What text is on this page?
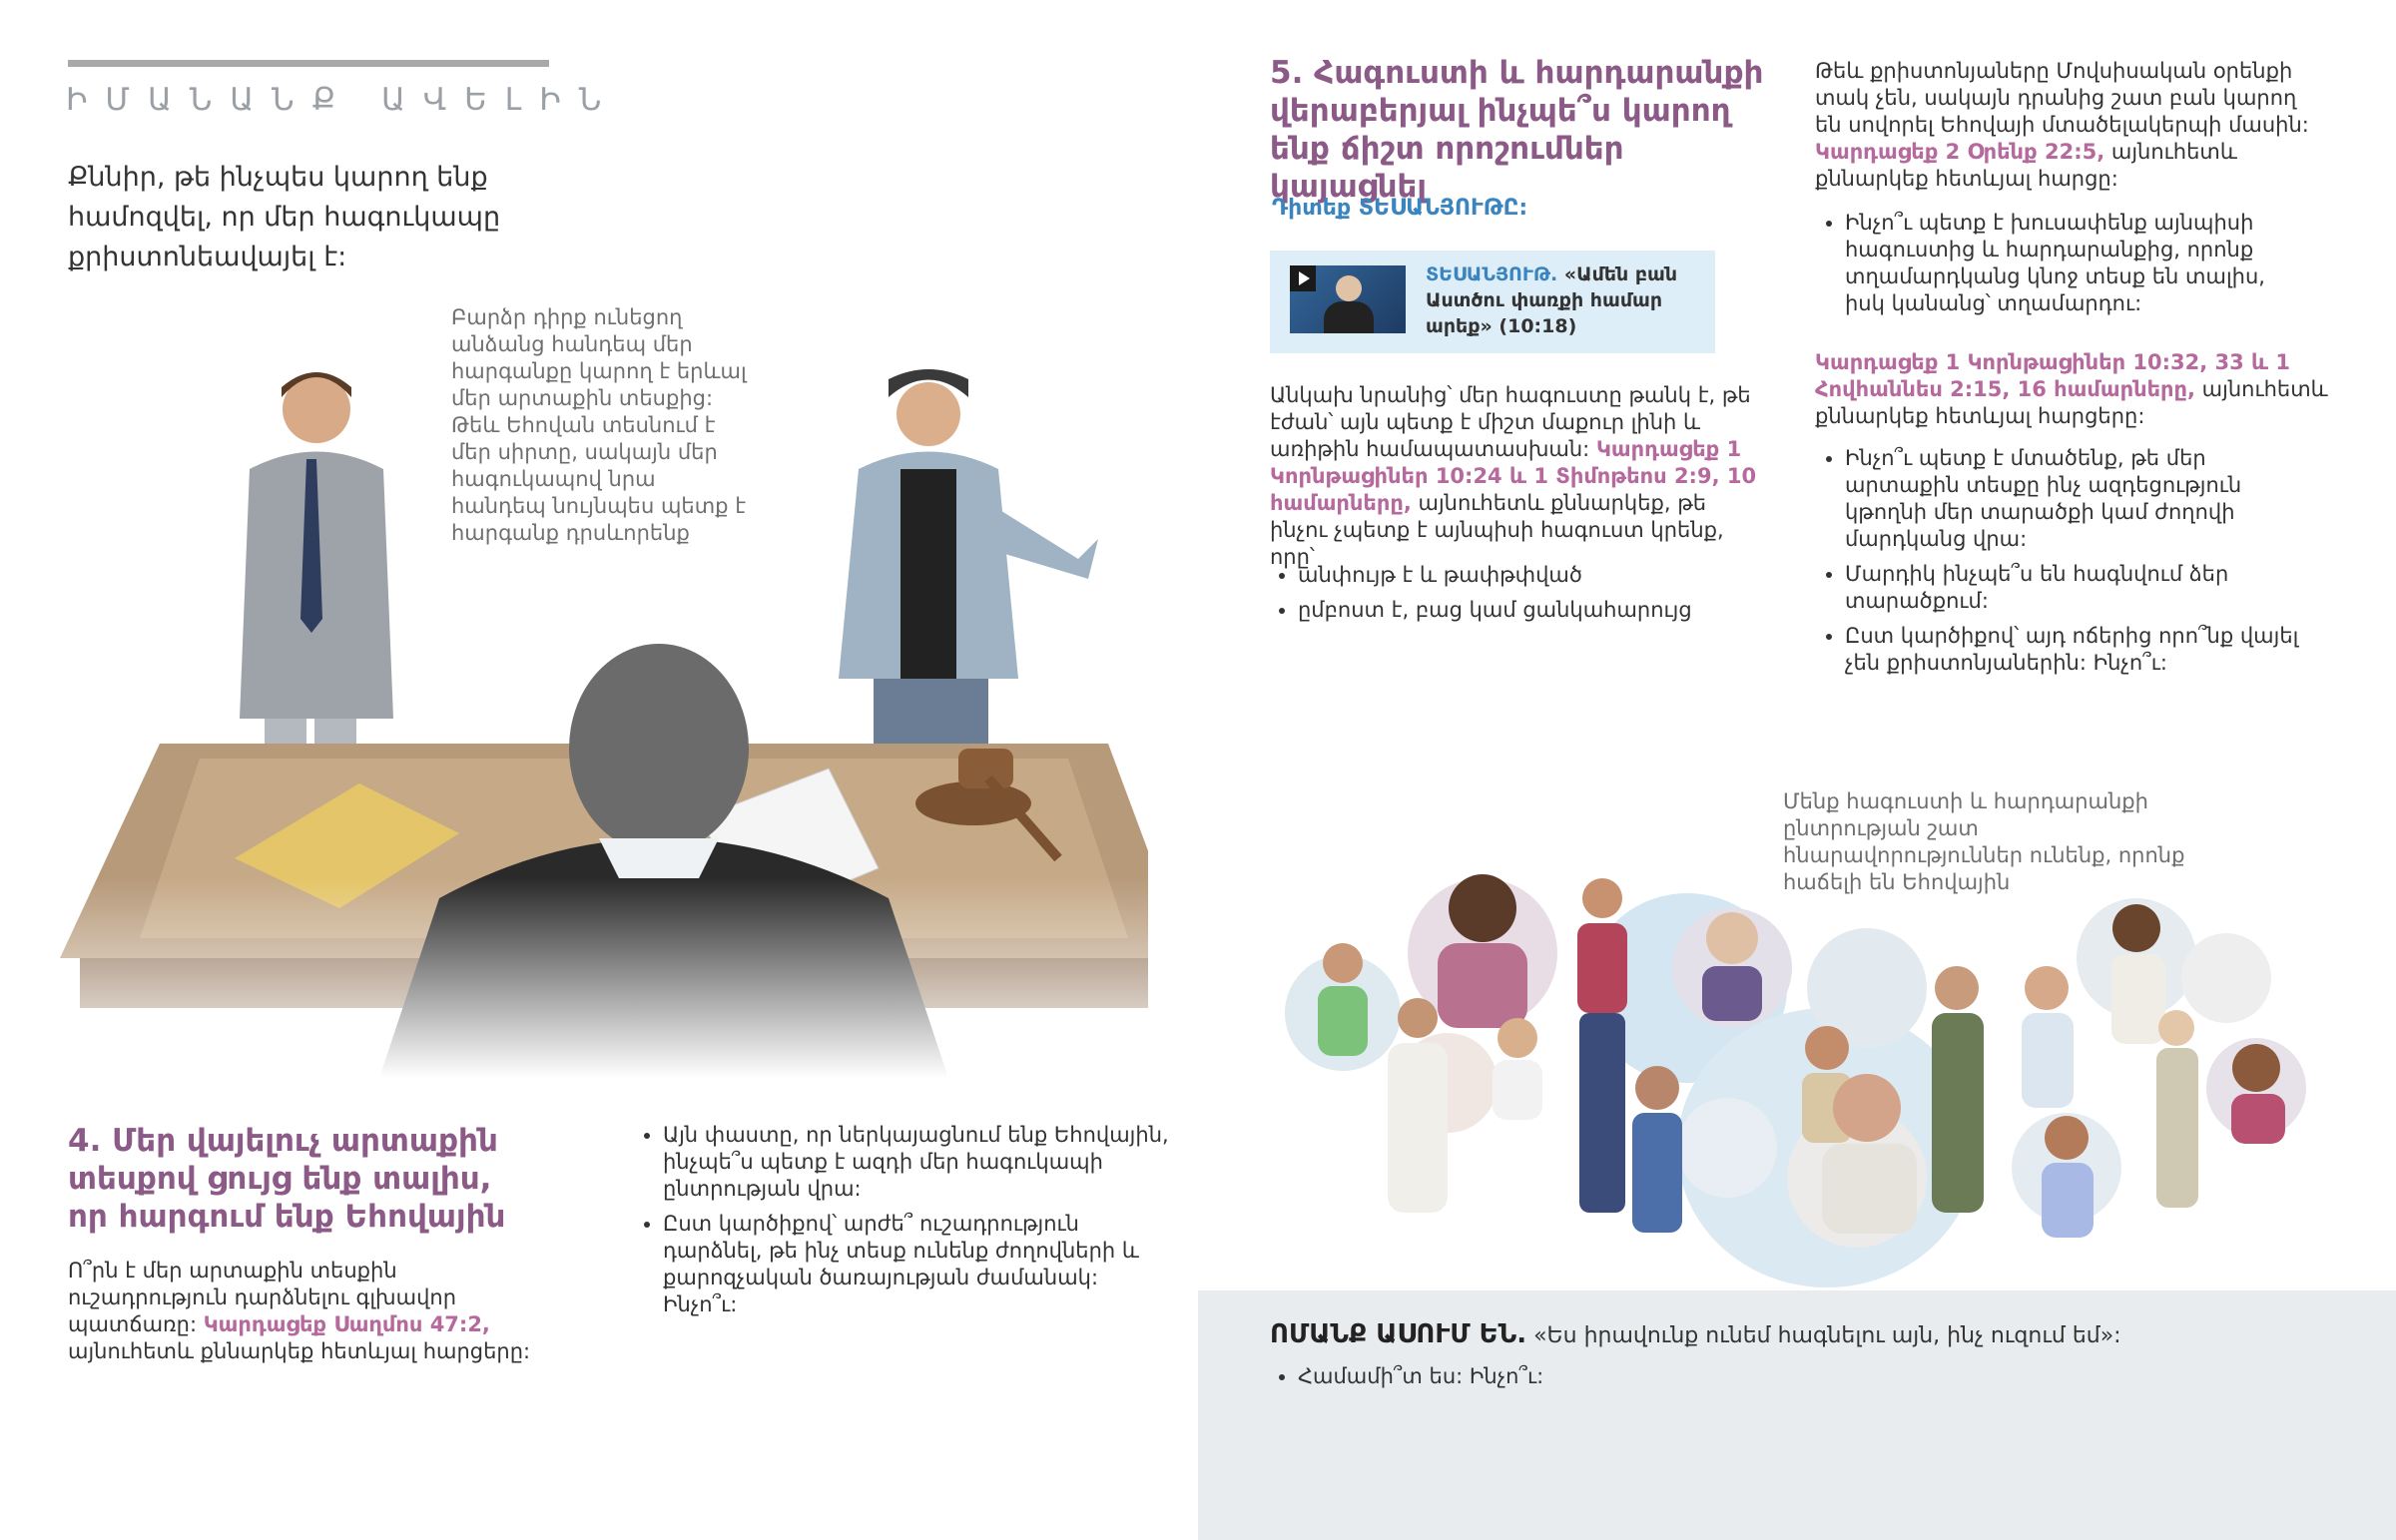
ԻՄԱՆԱՆՔ ԱՎԵԼԻՆ
Քննիր, թե ինչպես կարող ենք համոզվել, որ մեր հագուկապը քրիստոնեավայել է:
Բարձր դիրք ունեցող անձանց հանդեպ մեր հարգանքը կարող է երևալ մեր արտաքին տեսքից: Թեև Եհովան տեսնում է մեր սիրտը, սակայն մեր հագուկապով նրա հանդեպ նույնպես պետք է հարգանք դրսևորենք
4. Մեր վայելուչ արտաքին տեսքով ցույց ենք տալիս, որ հարգում ենք Եհովային
Ո՞րն է մեր արտաքին տեսքին ուշադրություն դարձնելու գլխավոր պատճառը: Կարդացեք Սաղմոս 47:2, այնուհետև քննարկեք հետևյալ հարցերը:
• Այն փաստը, որ ներկայացնում ենք Եհովային, ինչպե՞ս պետք է ազդի մեր հագուկապի ընտրության վրա:
• Ըստ կարծիքով՝ արժե՞ ուշադրություն դարձնել, թե ինչ տեսք ունենք ժողովների և քարոզչական ծառայության ժամանակ: Ինչո՞ւ:
5. Հագուստի և հարդարանքի վերաբերյալ ինչպե՞ս կարող ենք ճիշտ որոշումներ կայացնել
Դիտեք ՏԵՍԱՆՅՈՒԹԸ:
ՏԵՍԱՆՅՈՒԹ. «Ամեն բան Աստծու փառքի համար արեք» (10:18)
Անկախ նրանից՝ մեր հագուստը թանկ է, թե էժան՝ այն պետք է միշտ մաքուր լինի և առիթին համապատասխան: Կարդացեք 1 Կորնթացիներ 10:24 և 1 Տիմոթեոս 2:9, 10 համարները, այնուհետև քննարկեք, թե ինչու չպետք է այնպիսի հագուստ կրենք, որը՝
• անփույթ է և թափթփված
• ըմբոստ է, բաց կամ ցանկահարույց
Թեև քրիստոնյաները Մովսիսական օրենքի տակ չեն, սակայն դրանից շատ բան կարող են սովորել Եհովայի մտածելակերպի մասին: Կարդացեք 2 Օրենք 22:5, այնուհետև քննարկեք հետևյալ հարցը:
• Ինչո՞ւ պետք է խուսափենք այնպիսի հագուստից և հարդարանքից, որոնք տղամարդկանց կնոջ տեսք են տալիս, իսկ կանանց՝ տղամարդու:
Կարդացեք 1 Կորնթացիներ 10:32, 33 և 1 Հովհաննես 2:15, 16 համարները, այնուհետև քննարկեք հետևյալ հարցերը:
• Ինչո՞ւ պետք է մտածենք, թե մեր արտաքին տեսքը ինչ ազդեցություն կթողնի մեր տարածքի կամ ժողովի մարդկանց վրա:
• Մարդիկ ինչպե՞ս են հագնվում ձեր տարածքում:
• Ըստ կարծիքով՝ այդ ոճերից որո՞նք վայել չեն քրիստոնյաներին: Ինչո՞ւ:
Մենք հագուստի և հարդարանքի ընտրության շատ հնարավորություններ ունենք, որոնք հաճելի են Եհովային
ՈՄԱՆՔ ԱՍՈՒՄ ԵՆ. «Ես իրավունք ունեմ հագնելու այն, ինչ ուզում եմ»:
• Համամի՞տ ես: Ինչո՞ւ:
